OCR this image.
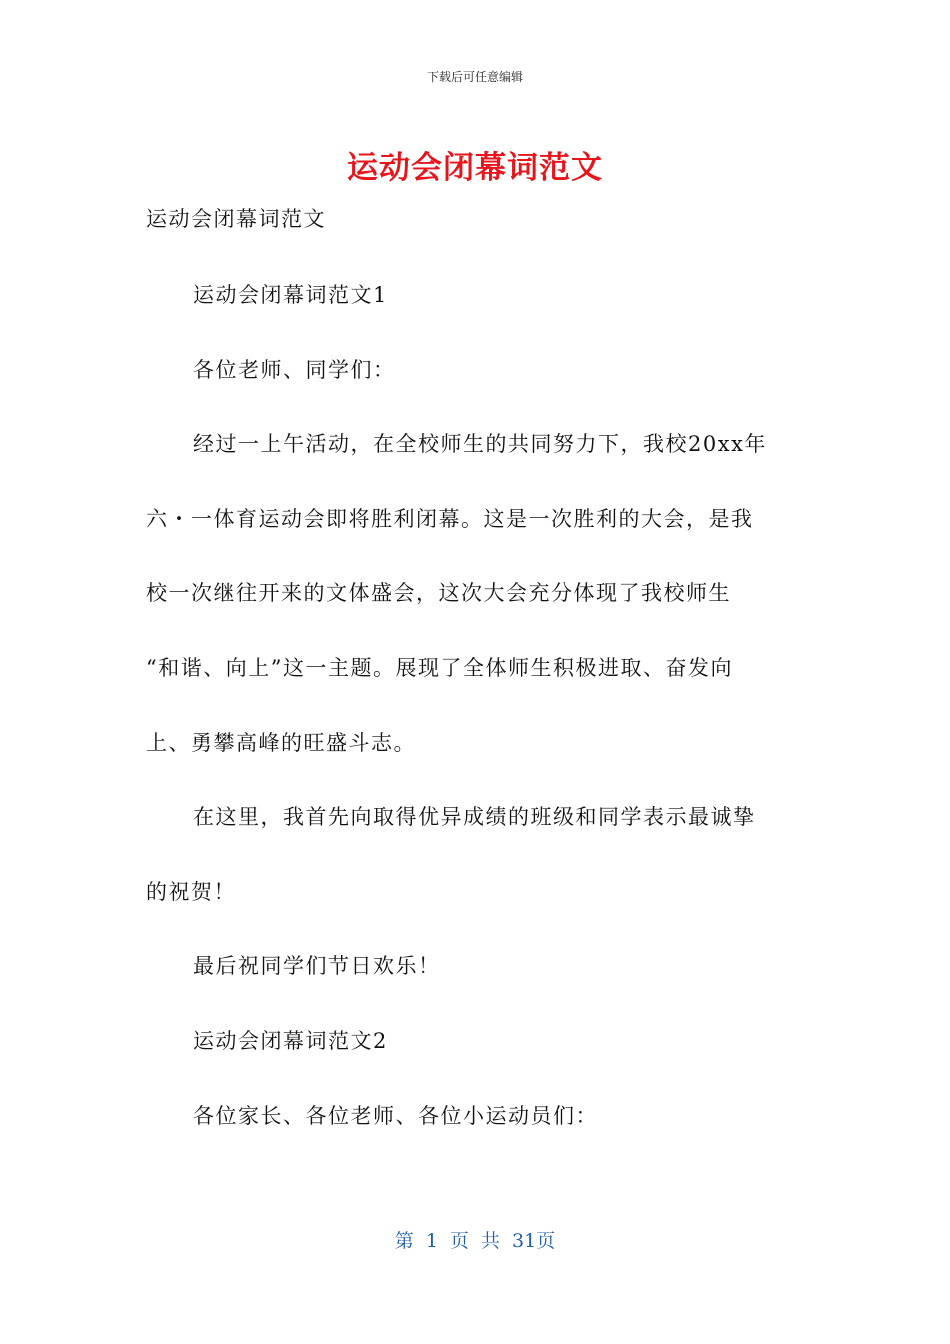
下载后可任意编辑
运动会闭幕词范文
运动会闭幕词范文
运动会闭幕词范文1
各位老师、同学们：
经过一上午活动，在全校师生的共同努力下，我校20xx年
六・一体育运动会即将胜利闭幕。这是一次胜利的大会，是我
校一次继往开来的文体盛会，这次大会充分体现了我校师生
“和谐、向上”这一主题。展现了全体师生积极进取、奋发向
上、勇攀高峰的旺盛斗志。
在这里，我首先向取得优异成绩的班级和同学表示最诚挚
的祝贺！
最后祝同学们节日欢乐！
运动会闭幕词范文2
各位家长、各位老师、各位小运动员们：
第 1 页 共 31页
